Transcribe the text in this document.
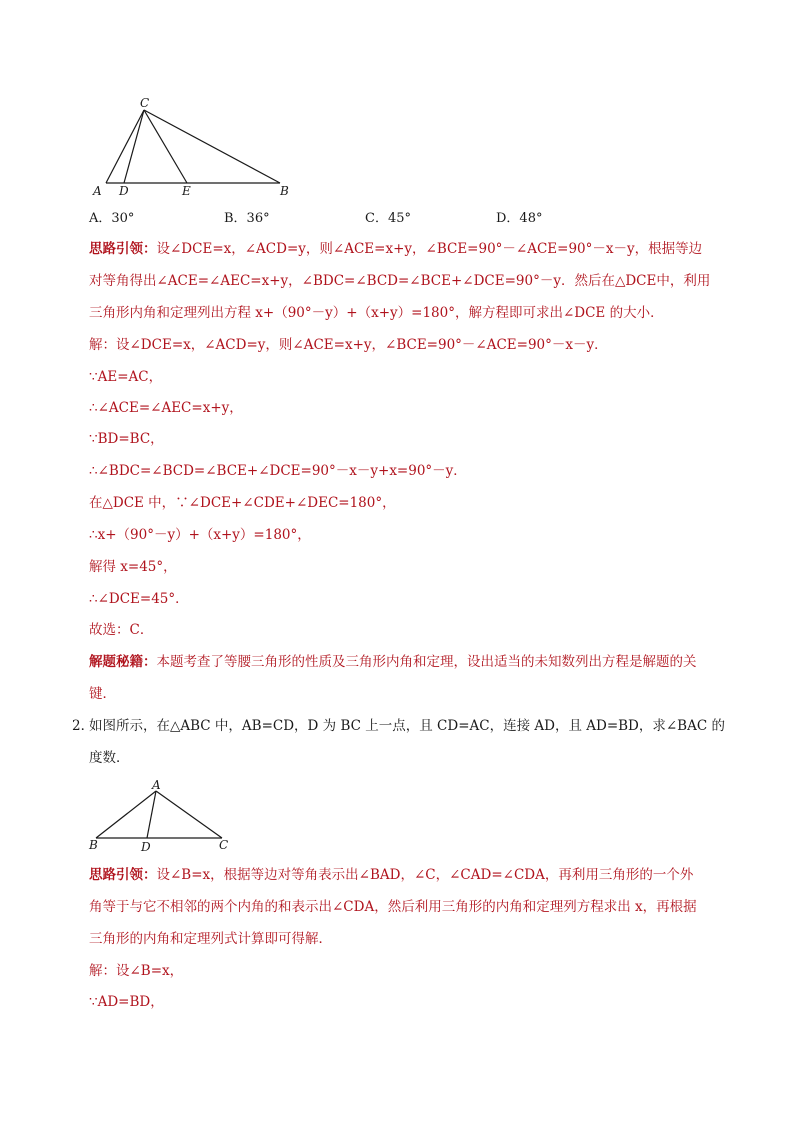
C
A D	E	B
A．30°	B．36°	C．45°	D．48°
思路引领：设∠DCE=x，∠ACD=y，则∠ACE=x+y，∠BCE=90°－∠ACE=90°－x－y，根据等边
对等角得出∠ACE=∠AEC=x+y，∠BDC=∠BCD=∠BCE+∠DCE=90°－y．然后在△DCE中，利用
三角形内角和定理列出方程 x+（90°－y）+（x+y）=180°，解方程即可求出∠DCE 的大小．
解：设∠DCE=x，∠ACD=y，则∠ACE=x+y，∠BCE=90°－∠ACE=90°－x－y．
∵AE=AC，
∴∠ACE=∠AEC=x+y，
∵BD=BC，
∴∠BDC=∠BCD=∠BCE+∠DCE=90°－x－y+x=90°－y．
在△DCE 中，∵∠DCE+∠CDE+∠DEC=180°，
∴x+（90°－y）+（x+y）=180°，
解得 x=45°，
∴∠DCE=45°．
故选：C．
解题秘籍：本题考查了等腰三角形的性质及三角形内角和定理，设出适当的未知数列出方程是解题的关
键．
2．
如图所示，在△ABC 中，AB=CD，D 为 BC 上一点，且 CD=AC，连接 AD，且 AD=BD，求∠BAC 的
度数．
A
B	D	C
思路引领：设∠B=x，根据等边对等角表示出∠BAD，∠C，∠CAD=∠CDA，再利用三角形的一个外
角等于与它不相邻的两个内角的和表示出∠CDA，然后利用三角形的内角和定理列方程求出 x，再根据
三角形的内角和定理列式计算即可得解．
解：设∠B=x，
∵AD=BD，
